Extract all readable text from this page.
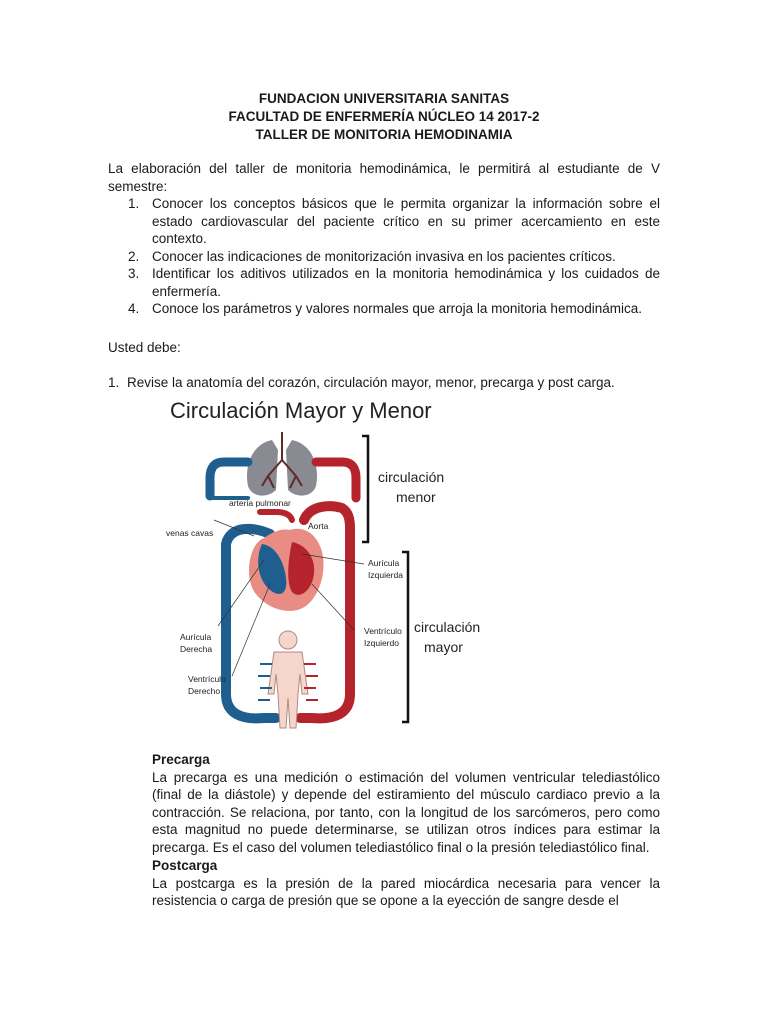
FUNDACION UNIVERSITARIA SANITAS
FACULTAD DE ENFERMERÍA NÚCLEO 14 2017-2
TALLER DE MONITORIA HEMODINAMIA
La elaboración del taller de monitoria hemodinámica, le permitirá al estudiante de V semestre:
1. Conocer los conceptos básicos que le permita organizar la información sobre el estado cardiovascular del paciente crítico en su primer acercamiento en este contexto.
2. Conocer las indicaciones de monitorización invasiva en los pacientes críticos.
3. Identificar los aditivos utilizados en la monitoria hemodinámica y los cuidados de enfermería.
4. Conoce los parámetros y valores normales que arroja la monitoria hemodinámica.
Usted debe:
1. Revise la anatomía del corazón, circulación mayor, menor, precarga y post carga.
Circulación Mayor y Menor
arteria pulmonar
venas cavas
Aorta
Aurícula
Izquierda
Aurícula
Derecha
Ventrículo
Izquierdo
Ventrículo
Derecho
circulación
menor
circulación
mayor
Precarga
La precarga es una medición o estimación del volumen ventricular telediastólico (final de la diástole) y depende del estiramiento del músculo cardiaco previo a la contracción. Se relaciona, por tanto, con la longitud de los sarcómeros, pero como esta magnitud no puede determinarse, se utilizan otros índices para estimar la precarga. Es el caso del volumen telediastólico final o la presión telediastólico final.
Postcarga
La postcarga es la presión de la pared miocárdica necesaria para vencer la resistencia o carga de presión que se opone a la eyección de sangre desde el
